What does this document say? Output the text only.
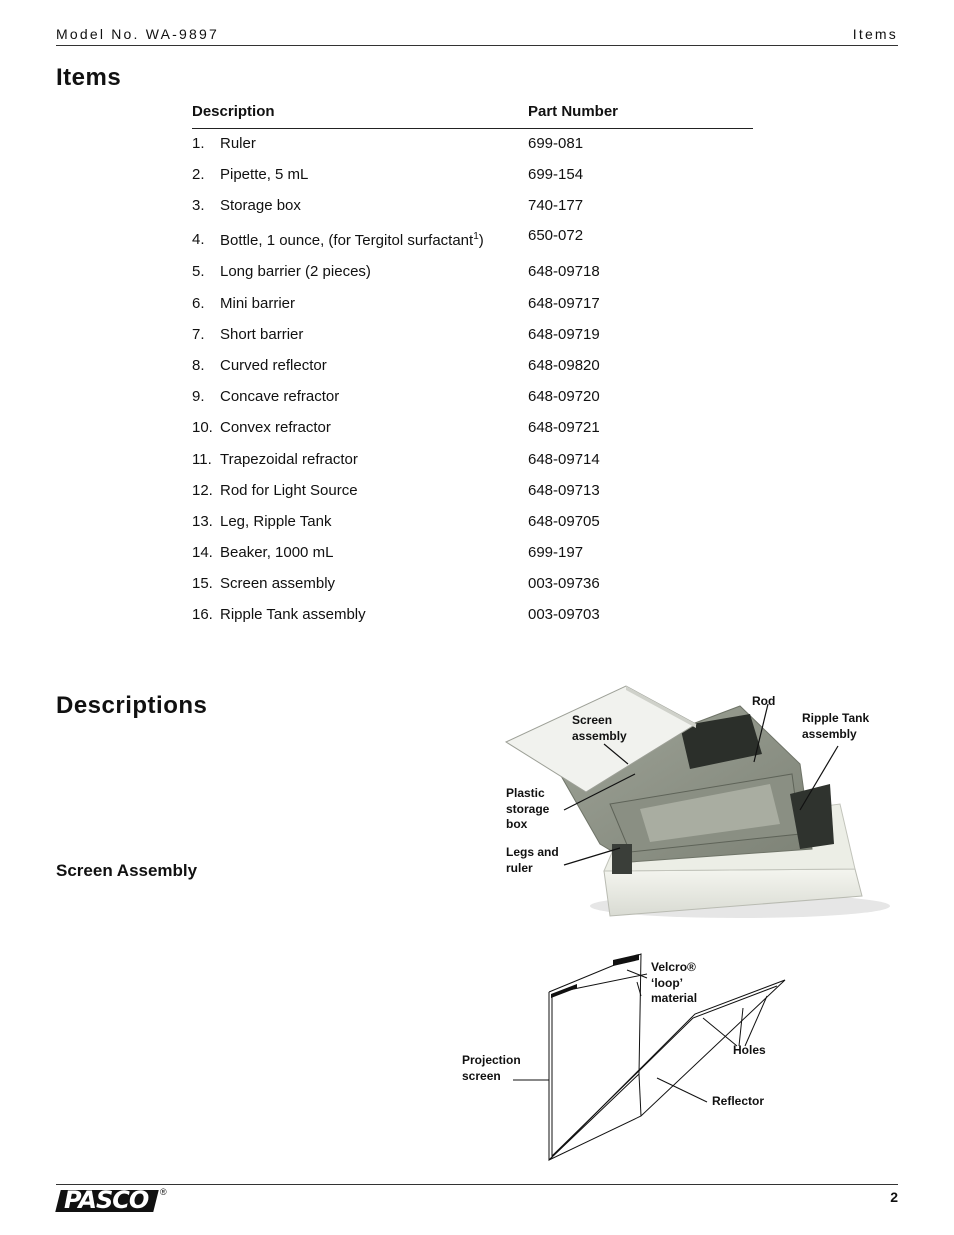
Model No. WA-9897	Items
Items
Description	Part Number
1. Ruler	699-081
2. Pipette, 5 mL	699-154
3. Storage box	740-177
4. Bottle, 1 ounce, (for Tergitol surfactant$^1$)	650-072
5. Long barrier (2 pieces)	648-09718
6. Mini barrier	648-09717
7. Short barrier	648-09719
8. Curved reflector	648-09820
9. Concave refractor	648-09720
10. Convex refractor	648-09721
11. Trapezoidal refractor	648-09714
12. Rod for Light Source	648-09713
13. Leg, Ripple Tank	648-09705
14. Beaker, 1000 mL	699-197
15. Screen assembly	003-09736
16. Ripple Tank assembly	003-09703
Descriptions
Screen Assembly
Rod
Screen
assembly
Ripple Tank
assembly
Plastic
storage
box
Legs and
ruler
Velcro®
‘loop’
material
Holes
Projection
screen
Reflector
PASCO ®	2
